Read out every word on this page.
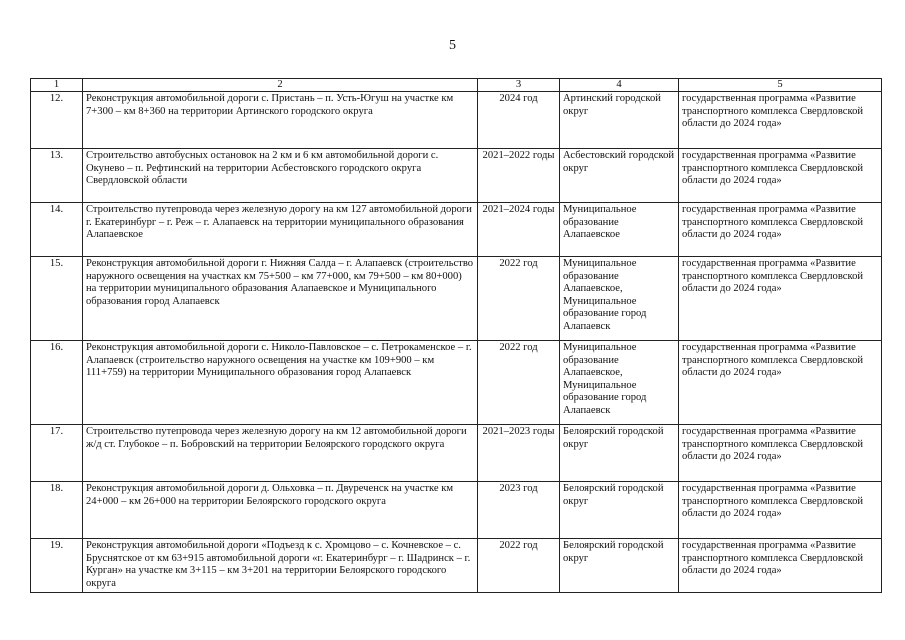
5
1	2	3	4	5
12.	Реконструкция автомобильной дороги с. Пристань – п. Усть-Югуш на участке км 7+300 – км 8+360 на территории Артинского городского округа	2024 год	Артинский городской округ	государственная программа «Развитие транспортного комплекса Свердловской области до 2024 года»
13.	Строительство автобусных остановок на 2 км и 6 км автомобильной дороги с. Окунево – п. Рефтинский на территории Асбестовского городского округа Свердловской области	2021–2022 годы	Асбестовский городской округ	государственная программа «Развитие транспортного комплекса Свердловской области до 2024 года»
14.	Строительство путепровода через железную дорогу на км 127 автомобильной дороги г. Екатеринбург – г. Реж – г. Алапаевск на территории муниципального образования Алапаевское	2021–2024 годы	Муниципальное образование Алапаевское	государственная программа «Развитие транспортного комплекса Свердловской области до 2024 года»
15.	Реконструкция автомобильной дороги г. Нижняя Салда – г. Алапаевск (строительство наружного освещения на участках км 75+500 – км 77+000, км 79+500 – км 80+000) на территории муниципального образования Алапаевское и Муниципального образования город Алапаевск	2022 год	Муниципальное образование Алапаевское, Муниципальное образование город Алапаевск	государственная программа «Развитие транспортного комплекса Свердловской области до 2024 года»
16.	Реконструкция автомобильной дороги с. Николо-Павловское – с. Петрокаменское – г. Алапаевск (строительство наружного освещения на участке км 109+900 – км 111+759) на территории Муниципального образования город Алапаевск	2022 год	Муниципальное образование Алапаевское, Муниципальное образование город Алапаевск	государственная программа «Развитие транспортного комплекса Свердловской области до 2024 года»
17.	Строительство путепровода через железную дорогу на км 12 автомобильной дороги ж/д ст. Глубокое – п. Бобровский на территории Белоярского городского округа	2021–2023 годы	Белоярский городской округ	государственная программа «Развитие транспортного комплекса Свердловской области до 2024 года»
18.	Реконструкция автомобильной дороги д. Ольховка – п. Двуреченск на участке км 24+000 – км 26+000 на территории Белоярского городского округа	2023 год	Белоярский городской округ	государственная программа «Развитие транспортного комплекса Свердловской области до 2024 года»
19.	Реконструкция автомобильной дороги «Подъезд к с. Хромцово – с. Кочневское – с. Бруснятское от км 63+915 автомобильной дороги «г. Екатеринбург – г. Шадринск – г. Курган» на участке км 3+115 – км 3+201 на территории Белоярского городского округа	2022 год	Белоярский городской округ	государственная программа «Развитие транспортного комплекса Свердловской области до 2024 года»
